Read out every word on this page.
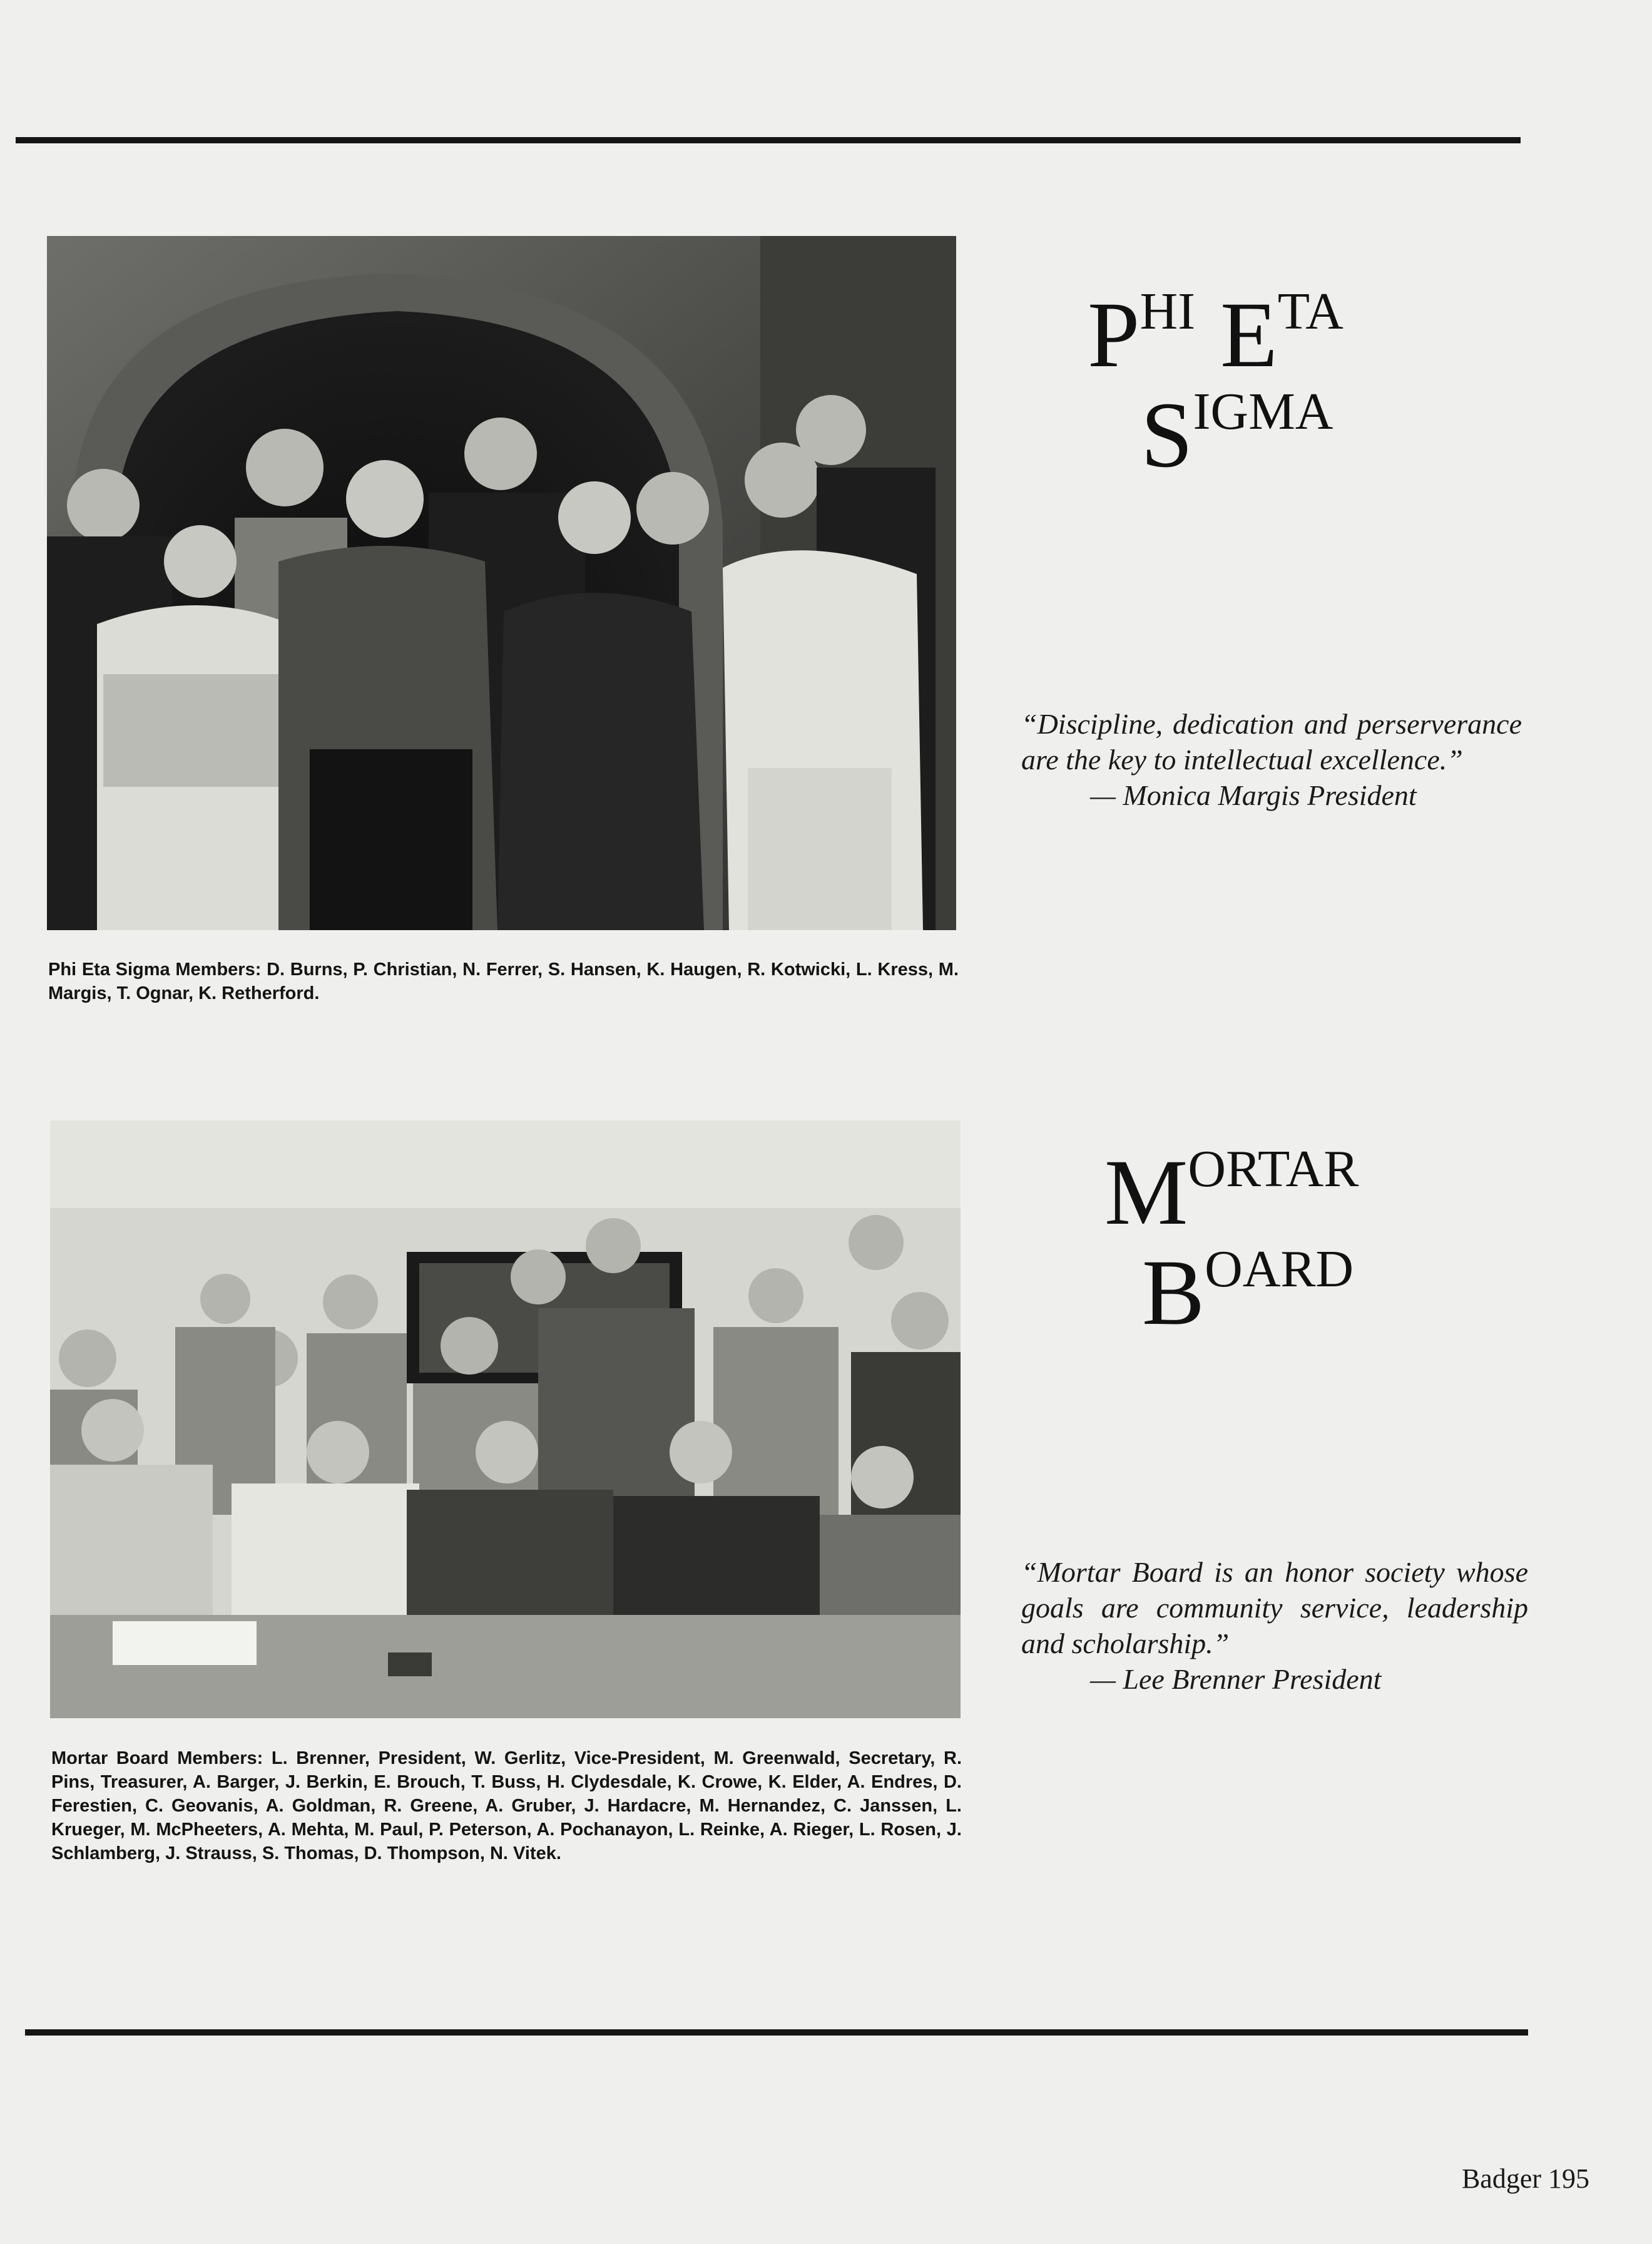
Phi Eta Sigma Members: D. Burns, P. Christian, N. Ferrer, S. Hansen, K. Haugen, R. Kotwicki, L. Kress, M. Margis, T. Ognar, K. Retherford.
PHI ETA
SIGMA
“Discipline, dedication and perserverance are the key to intellectual excellence.”
— Monica Margis President
Mortar Board Members: L. Brenner, President, W. Gerlitz, Vice-President, M. Greenwald, Secretary, R. Pins, Treasurer, A. Barger, J. Berkin, E. Brouch, T. Buss, H. Clydesdale, K. Crowe, K. Elder, A. Endres, D. Ferestien, C. Geovanis, A. Goldman, R. Greene, A. Gruber, J. Hardacre, M. Hernandez, C. Janssen, L. Krueger, M. McPheeters, A. Mehta, M. Paul, P. Peterson, A. Pochanayon, L. Reinke, A. Rieger, L. Rosen, J. Schlamberg, J. Strauss, S. Thomas, D. Thompson, N. Vitek.
MORTAR
BOARD
“Mortar Board is an honor society whose goals are community service, leadership and scholarship.”
— Lee Brenner President
Badger 195
